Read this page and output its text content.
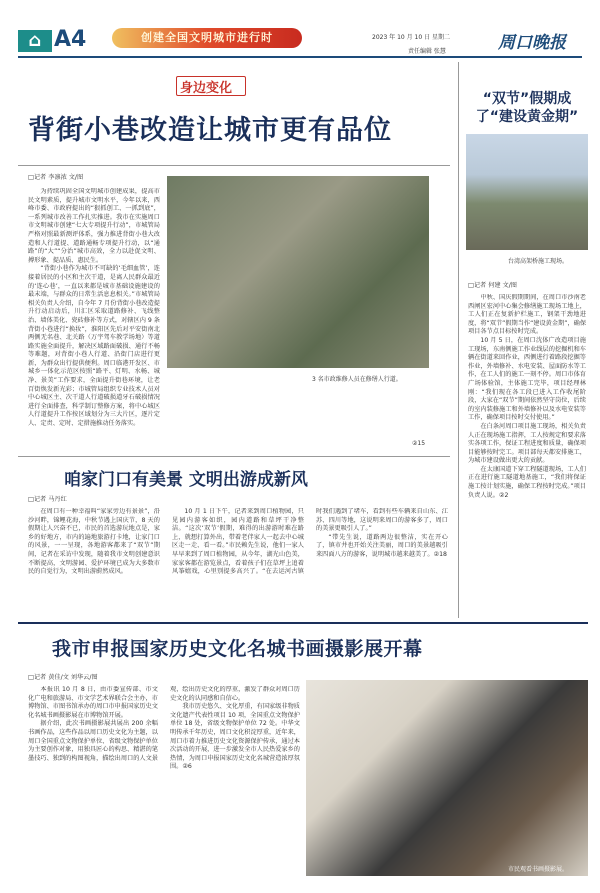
⌂ A4	创建全国文明城市进行时	2023 年 10 月 10 日 星期二
责任编辑 张慧	周口晚报
身边变化
背街小巷改造让城市更有品位
□记者 李凛浓 文/图

为持续巩固全国文明城市创建成果，提高市民文明素质，提升城市文明水平，今年以来，西峰市委、市政府提出的“狠抓创工、一抓到底”，一系列城市改善工作扎实推进。我市在实施周口市文明城市创建“七大专项提升行动”，市城管局严格对照最新测评体系，强力推进背街小巷大改造和人行道提、道路通畅专项提升行动，以“通路”的“大”“分治”城市高效，全力以赴促文明、搏形象、提品质、惠民生。

“背街小巷作为城市不可缺的‘毛细血管’，连接着居民的小区和主次干道，是离人民群众最近的‘连心巷’，一直以来都是城市基础设施建设的最末端，与群众的日常生活息息相关。”市城管局相关负责人介绍，自今年 7 月份背街小巷改造提升行动启动后，川汇区采取道路修补、飞线整治、墙体美化、瓷砖修补等方式，对辖区内 9 条背街小巷进行“换妆”，淮阳区先后对平安街南北两侧无名巷、北关路（万宇驾车教学场地）等道路实施全面提升，解决区域路面破损、通行不畅等难题，对背街小巷人行道、沿街门店进行更新，为群众出行提供便利。周口临港开发区、市城乡一体化示范区按照“路平、灯明、水畅、城净、景美”工作要求，全面提升街巷环境，让老百街焕发新光彩；市城管局组织专业技术人员对中心城区主、次干道人行道破损道牙石破损情况进行全面排查，科学制订整修方案，将中心城区人行道提升工作按区域划分为三大片区，逐片定人、定责、定时、定措施推动任务落实。

3 名市政维修人员在修缮人行道。
②15
咱家门口有美景 文明出游成新风
□记者 马丹红

在周口有一种幸福叫“家家旁边有景景”，沿沙河畔，锦鲤花海，中秋节遇上国庆节，8 天的假期让人兴奋不已，市民的首选游玩地点是，家乡的好地方，市内的遍地旅游打卡地，让家门口的风景，一一呈现，各地游客都来了“双节”期间，记者在采访中发现，随着我市文明创建意识不断提高，文明游园、爱护环境已成为大多数市民的自觉行为，文明出游蔚然成风。

10 月 1 日下午，记者来到周口植物园，只见园内游客如织，园内道路和草坪干净整洁。“这次‘双节’假期，难得的出游游时难在路上，就想打算外出，带着老伴家人一起去中心城区走一走、看一看。”市民赖先生说，他们一家人早早来到了周口植物园，从今年，湖光山色美，家家客都在游览景点，看着孩子们在草坪上追着风筝嬉戏，心里别提多高兴了。“在去运河古镇时我们遇到了堵车，看到有些车辆来自山东、江苏、四川等地，这说明来周口的游客多了，周口的美景更吸引人了。”

“带先生说，道路两边很整洁，实在开心了，镇市井也开始关注美丽，周口的美景越吸引来四面八方的游客，说明城市越来越美了。②18

“双节”假期成了“建设黄金期”
台湾高架桥施工现场。
□记者 何建 文/图

中秋、国庆假期期间，在周口市沙南老西闸区宏河中心集会修缮施工现场工地上，工人们正在复新护栏施工，钢架干劲地进度，将“双节”假期当作“建设黄金期”，确保项目各节点目标按时完成。

10 月 5 日，在周口沈体广改造项目施工现场，东南侧施工作业线层的挖掘机和车辆在街道来回作业，西侧进行着路段挖掘等作业，外墙修补、水电安装、屋面防水等工作，在工人们的施工一刻不停。周口市体育广场体验馆，主体施工完毕，项目经理林刚：“我们现在各工段已进入工作收尾阶段，大家在“双节”期间依然坚守岗位，后续的室内装修施工和外墙修补以及水电安装等工作，确保项目按时交付使用。”

在白条河周口项目施工现场，相关负责人正在现场施工指挥，工人按规定和要求落实各项工作，保证工程进度和质量，确保项目能够按时完工。项目部每天都安排施工，为城市建设做出更大的贡献。

在太康国道下穿工程隧道现场，工人们正在进行施工隧道地基施工，“我们将保证施工按计划实施，确保工程按时完成。”项目负责人说。②2

我市申报国家历史文化名城书画摄影展开幕
□记者 黄佳/文 刘华云/图

本报讯 10 月 8 日，由市委宣传部、市文化广电和旅游局、市文学艺术界联合会主办，市博物馆、市图书馆承办的周口市申报国家历史文化名城书画摄影展在市博物馆开展。

据介绍，此次书画摄影展共展出 200 余幅书画作品，这些作品以周口历史文化为主题，以周口全国重点文物保护单位、省级文物保护单位为主要创作对象，用独具匠心的构思、精湛的笔墨技巧、独到的构图视角，描绘出周口的人文景观，绘出历史文化的厚重，激发了群众对周口历史文化的认同感和自信心。

我市历史悠久、文化厚重，有国家级非物质文化遗产代表性项目 10 项，全国重点文物保护单位 18 处，省级文物保护单位 72 处。中华文明传承千年历史，周口文化积淀厚重，近年来，周口市着力推进历史文化资源保护传承，通过本次活动的开展，进一步激发全市人民热爱家乡的热情，为周口申报国家历史文化名城营造浓厚氛围。②6

市民观看书画摄影展。
